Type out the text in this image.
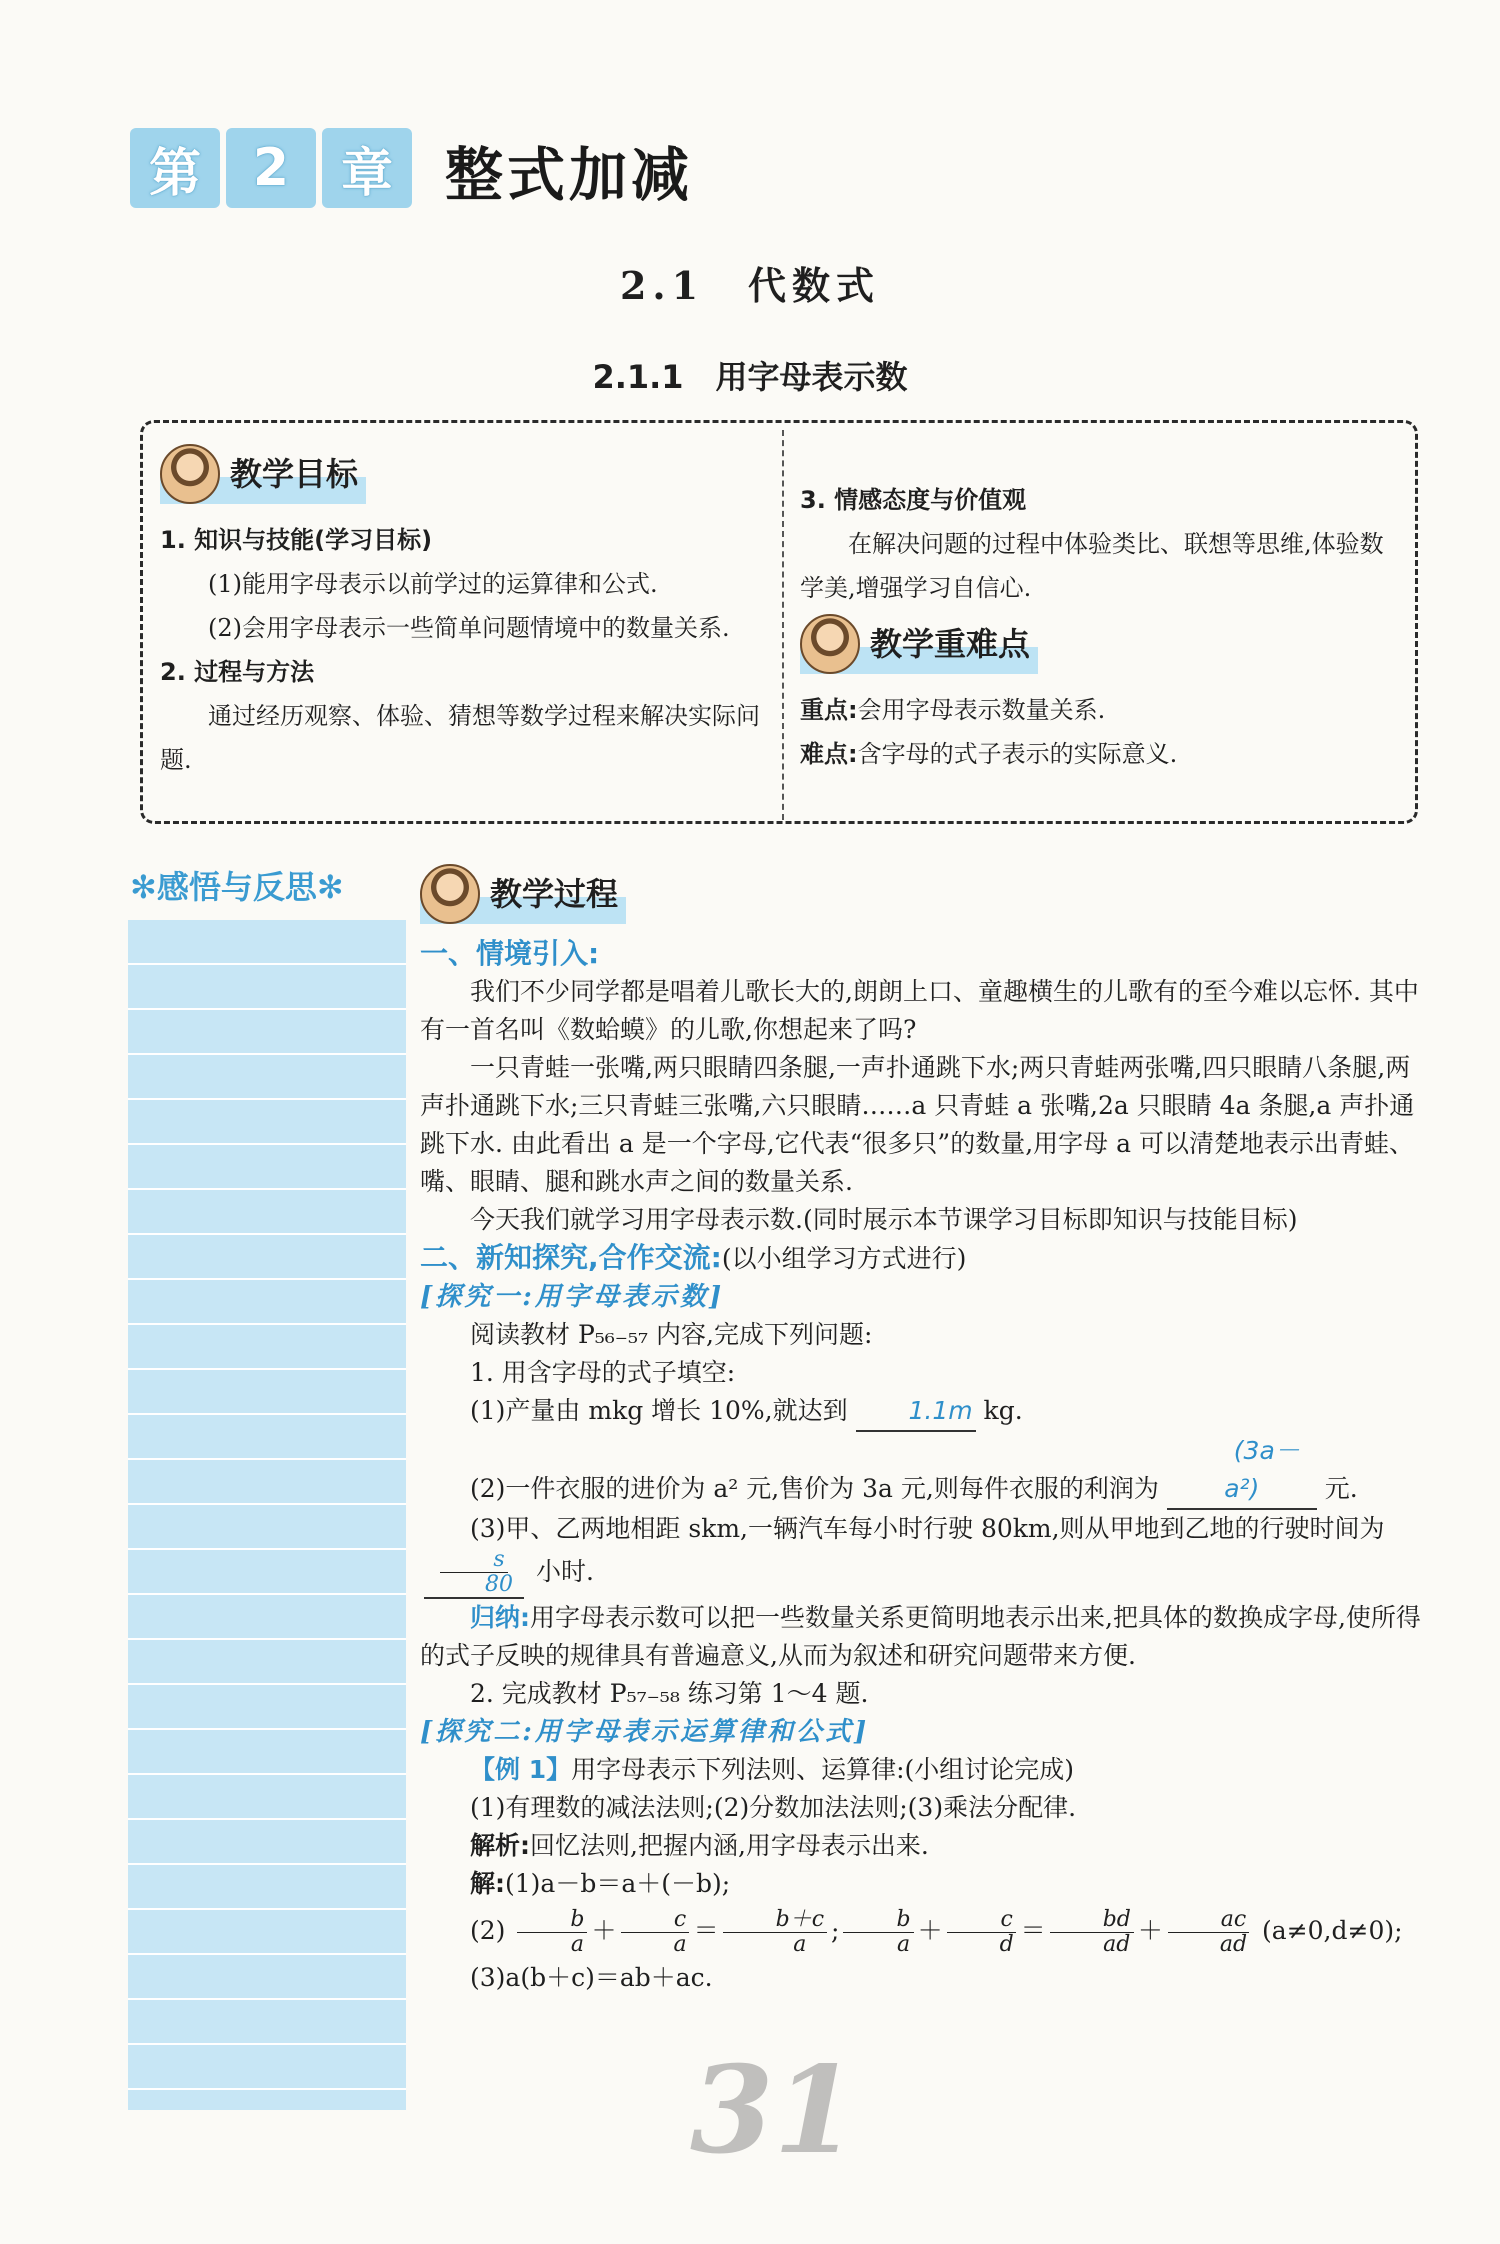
第 2 章 整式加减
2.1　代数式
2.1.1　用字母表示数
教学目标

1. 知识与技能(学习目标)

(1)能用字母表示以前学过的运算律和公式.

(2)会用字母表示一些简单问题情境中的数量关系.

2. 过程与方法

通过经历观察、体验、猜想等数学过程来解决实际问题.

3. 情感态度与价值观

在解决问题的过程中体验类比、联想等思维,体验数学美,增强学习自信心.

教学重难点

重点:会用字母表示数量关系.

难点:含字母的式子表示的实际意义.

✻感悟与反思✻	教学过程

一、情境引入:

我们不少同学都是唱着儿歌长大的,朗朗上口、童趣横生的儿歌有的至今难以忘怀. 其中有一首名叫《数蛤蟆》的儿歌,你想起来了吗?

一只青蛙一张嘴,两只眼睛四条腿,一声扑通跳下水;两只青蛙两张嘴,四只眼睛八条腿,两声扑通跳下水;三只青蛙三张嘴,六只眼睛……a 只青蛙 a 张嘴,2a 只眼睛 4a 条腿,a 声扑通跳下水. 由此看出 a 是一个字母,它代表“很多只”的数量,用字母 a 可以清楚地表示出青蛙、嘴、眼睛、腿和跳水声之间的数量关系.

今天我们就学习用字母表示数.(同时展示本节课学习目标即知识与技能目标)

二、新知探究,合作交流:(以小组学习方式进行)

[探究一:用字母表示数]

阅读教材 P₅₆₋₅₇ 内容,完成下列问题:

1. 用含字母的式子填空:

(1)产量由 mkg 增长 10%,就达到 1.1m kg.

(2)一件衣服的进价为 a² 元,售价为 3a 元,则每件衣服的利润为 (3a－a²)	元.

(3)甲、乙两地相距 skm,一辆汽车每小时行驶 80km,则从甲地到乙地的行驶时间为
$\frac{s}{80}$ 小时.

归纳:用字母表示数可以把一些数量关系更简明地表示出来,把具体的数换成字母,使所得的式子反映的规律具有普遍意义,从而为叙述和研究问题带来方便.

2. 完成教材 P₅₇₋₅₈ 练习第 1～4 题.

[探究二:用字母表示运算律和公式]

【例 1】用字母表示下列法则、运算律:(小组讨论完成)

(1)有理数的减法法则;(2)分数加法法则;(3)乘法分配律.

解析:回忆法则,把握内涵,用字母表示出来.

解:(1)a－b＝a＋(－b);

$(2) \frac{b}{a} + \frac{c}{a} = \frac{b+c}{a}$ ; $\frac{b}{a} + \frac{c}{d} = \frac{bd}{ad} + \frac{ac}{ad} (a\ne 0,d\ne 0)$;

(3)a(b＋c)＝ab＋ac.

31
